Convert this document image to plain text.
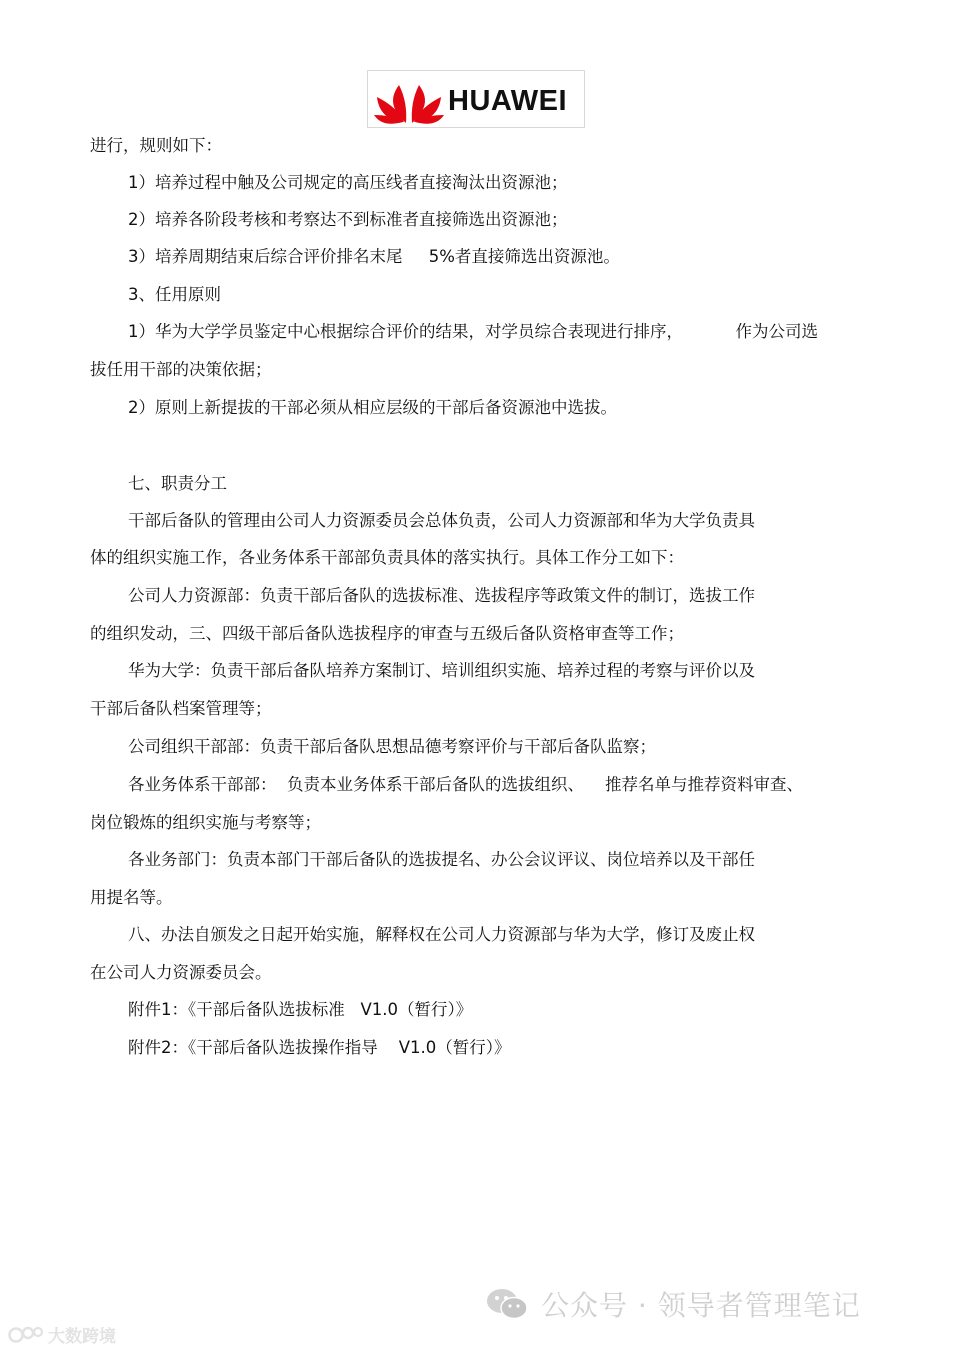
HUAWEI
进行，规则如下：
1）培养过程中触及公司规定的高压线者直接淘汰出资源池；
2）培养各阶段考核和考察达不到标准者直接筛选出资源池；
3）培养周期结束后综合评价排名末尾     5%者直接筛选出资源池。
3、任用原则
1）华为大学学员鉴定中心根据综合评价的结果，对学员综合表现进行排序，          作为公司选
拔任用干部的决策依据；
2）原则上新提拔的干部必须从相应层级的干部后备资源池中选拔。
七、职责分工
干部后备队的管理由公司人力资源委员会总体负责，公司人力资源部和华为大学负责具
体的组织实施工作，各业务体系干部部负责具体的落实执行。具体工作分工如下：
公司人力资源部：负责干部后备队的选拔标准、选拔程序等政策文件的制订，选拔工作
的组织发动，三、四级干部后备队选拔程序的审查与五级后备队资格审查等工作；
华为大学：负责干部后备队培养方案制订、培训组织实施、培养过程的考察与评价以及
干部后备队档案管理等；
公司组织干部部：负责干部后备队思想品德考察评价与干部后备队监察；
各业务体系干部部：  负责本业务体系干部后备队的选拔组织、    推荐名单与推荐资料审查、
岗位锻炼的组织实施与考察等；
各业务部门：负责本部门干部后备队的选拔提名、办公会议评议、岗位培养以及干部任
用提名等。
八、办法自颁发之日起开始实施，解释权在公司人力资源部与华为大学，修订及废止权
在公司人力资源委员会。
附件1：《干部后备队选拔标准   V1.0（暂行）》
附件2：《干部后备队选拔操作指导    V1.0（暂行）》
公众号 · 领导者管理笔记
大数跨境
